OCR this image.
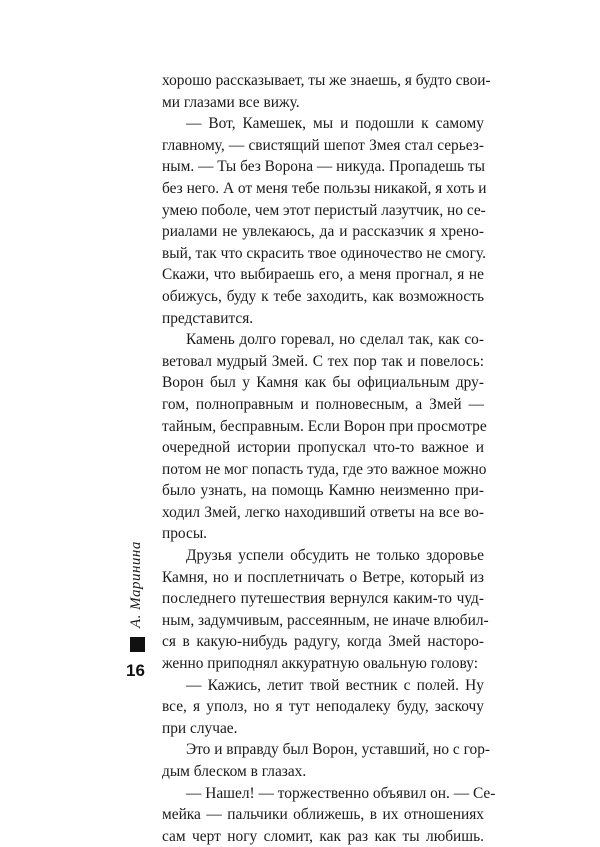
хорошо рассказывает, ты же знаешь, я будто свои-
ми глазами все вижу.
— Вот, Камешек, мы и подошли к самому
главному, — свистящий шепот Змея стал серьез-
ным. — Ты без Ворона — никуда. Пропадешь ты
без него. А от меня тебе пользы никакой, я хоть и
умею поболе, чем этот перистый лазутчик, но се-
риалами не увлекаюсь, да и рассказчик я хрено-
вый, так что скрасить твое одиночество не смогу.
Скажи, что выбираешь его, а меня прогнал, я не
обижусь, буду к тебе заходить, как возможность
представится.
Камень долго горевал, но сделал так, как со-
ветовал мудрый Змей. С тех пор так и повелось:
Ворон был у Камня как бы официальным дру-
гом, полноправным и полновесным, а Змей —
тайным, бесправным. Если Ворон при просмотре
очередной истории пропускал что-то важное и
потом не мог попасть туда, где это важное можно
было узнать, на помощь Камню неизменно при-
ходил Змей, легко находивший ответы на все во-
просы.
Друзья успели обсудить не только здоровье
Камня, но и посплетничать о Ветре, который из
последнего путешествия вернулся каким-то чуд-
ным, задумчивым, рассеянным, не иначе влюбил-
ся в какую-нибудь радугу, когда Змей насторо-
женно приподнял аккуратную овальную голову:
— Кажись, летит твой вестник с полей. Ну
все, я уполз, но я тут неподалеку буду, заскочу
при случае.
Это и вправду был Ворон, уставший, но с гор-
дым блеском в глазах.
— Нашел! — торжественно объявил он. — Се-
мейка — пальчики оближешь, в их отношениях
сам черт ногу сломит, как раз как ты любишь.
А. Маринина
16
